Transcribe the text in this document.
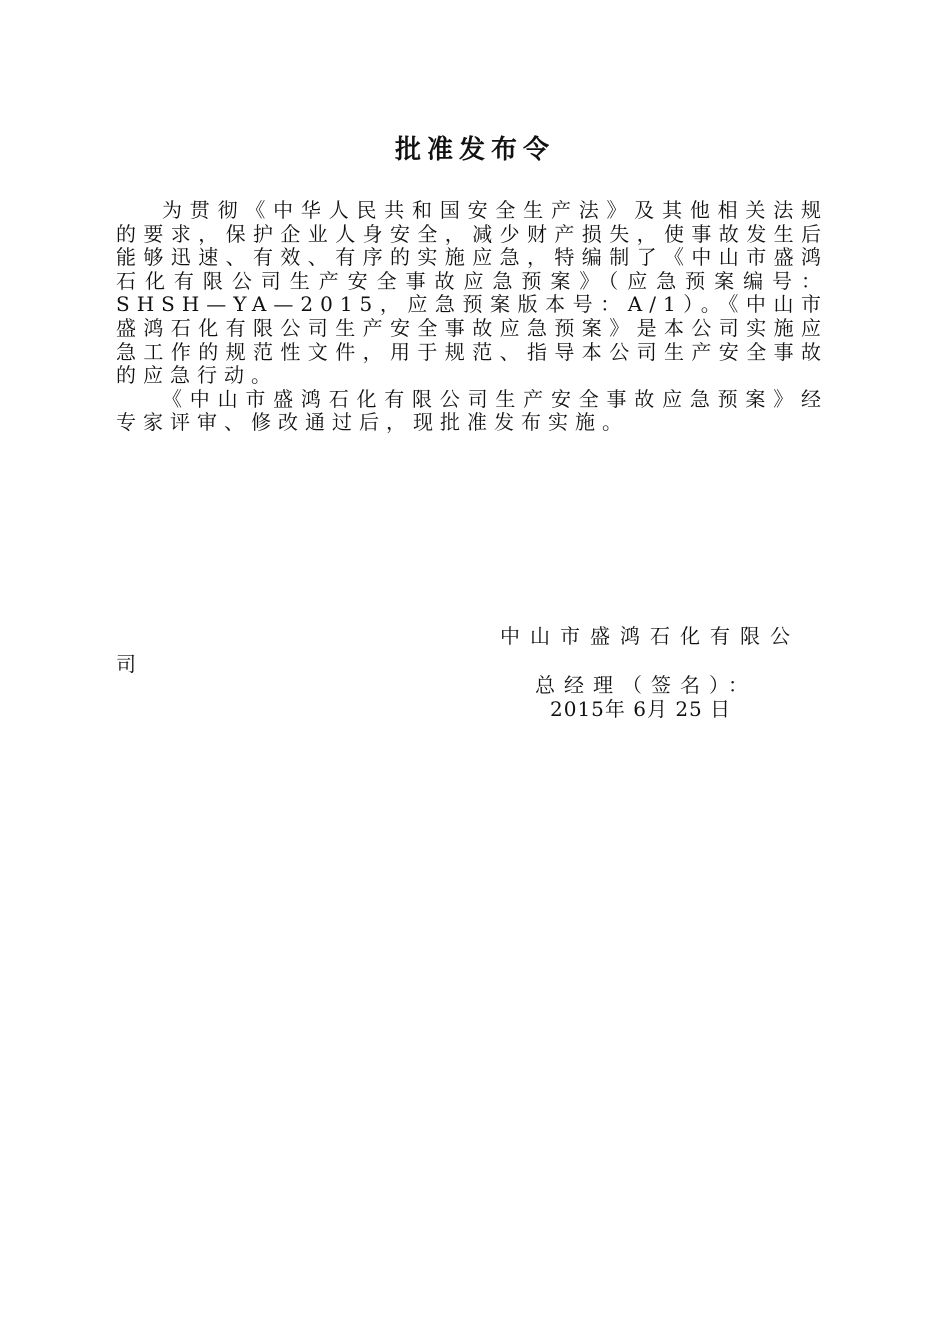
批准发布令

为贯彻《中华人民共和国安全生产法》及其他相关法规的要求，保护企业人身安全，减少财产损失，使事故发生后能够迅速、有效、有序的实施应急，特编制了《中山市盛鸿石化有限公司生产安全事故应急预案》（应急预案编号：SHSH—YA—2015，应急预案版本号：A/1）。《中山市盛鸿石化有限公司生产安全事故应急预案》是本公司实施应急工作的规范性文件，用于规范、指导本公司生产安全事故的应急行动。

《中山市盛鸿石化有限公司生产安全事故应急预案》经专家评审、修改通过后，现批准发布实施。

中山市盛鸿石化有限公
司
总经理（签名）：
2015年 6月 25 日
